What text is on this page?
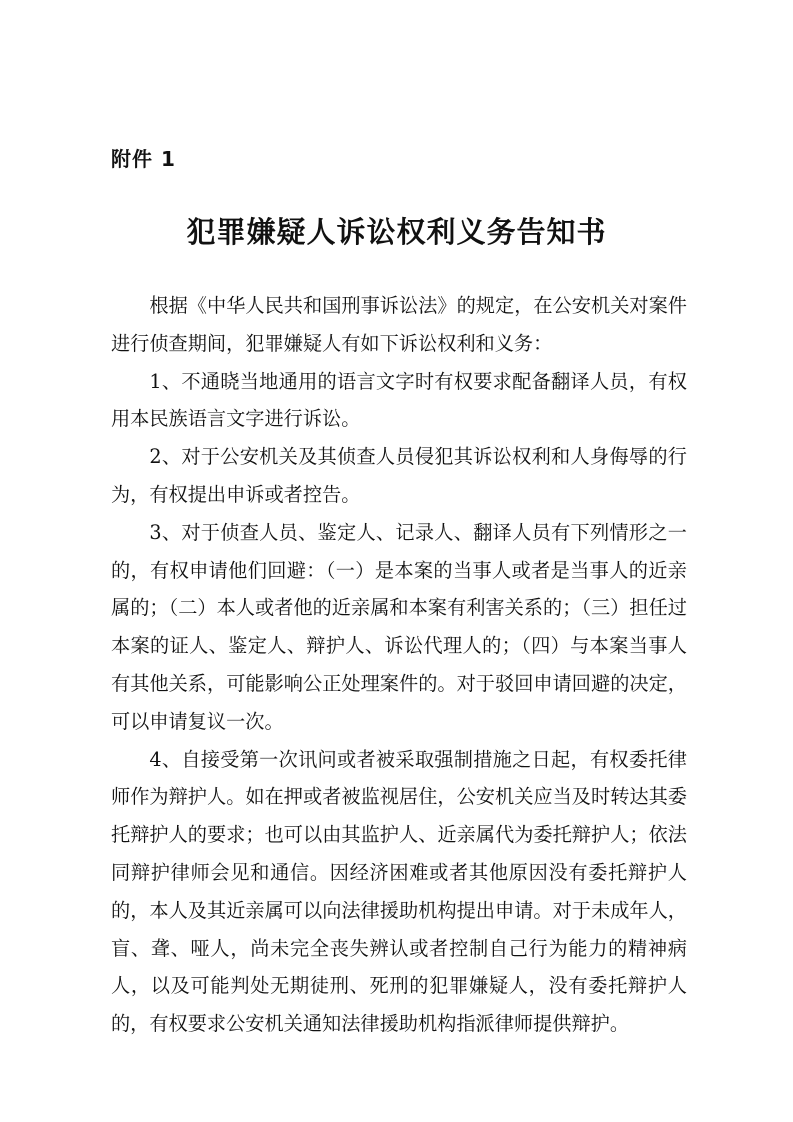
附件 1
犯罪嫌疑人诉讼权利义务告知书

根据《中华人民共和国刑事诉讼法》的规定，在公安机关对案件进行侦查期间，犯罪嫌疑人有如下诉讼权利和义务：

1、不通晓当地通用的语言文字时有权要求配备翻译人员，有权用本民族语言文字进行诉讼。

2、对于公安机关及其侦查人员侵犯其诉讼权利和人身侮辱的行为，有权提出申诉或者控告。

3、对于侦查人员、鉴定人、记录人、翻译人员有下列情形之一的，有权申请他们回避：（一）是本案的当事人或者是当事人的近亲属的；（二）本人或者他的近亲属和本案有利害关系的；（三）担任过本案的证人、鉴定人、辩护人、诉讼代理人的；（四）与本案当事人有其他关系，可能影响公正处理案件的。对于驳回申请回避的决定，可以申请复议一次。

4、自接受第一次讯问或者被采取强制措施之日起，有权委托律师作为辩护人。如在押或者被监视居住，公安机关应当及时转达其委托辩护人的要求；也可以由其监护人、近亲属代为委托辩护人；依法同辩护律师会见和通信。因经济困难或者其他原因没有委托辩护人的，本人及其近亲属可以向法律援助机构提出申请。对于未成年人，盲、聋、哑人，尚未完全丧失辨认或者控制自己行为能力的精神病人，以及可能判处无期徒刑、死刑的犯罪嫌疑人，没有委托辩护人的，有权要求公安机关通知法律援助机构指派律师提供辩护。
